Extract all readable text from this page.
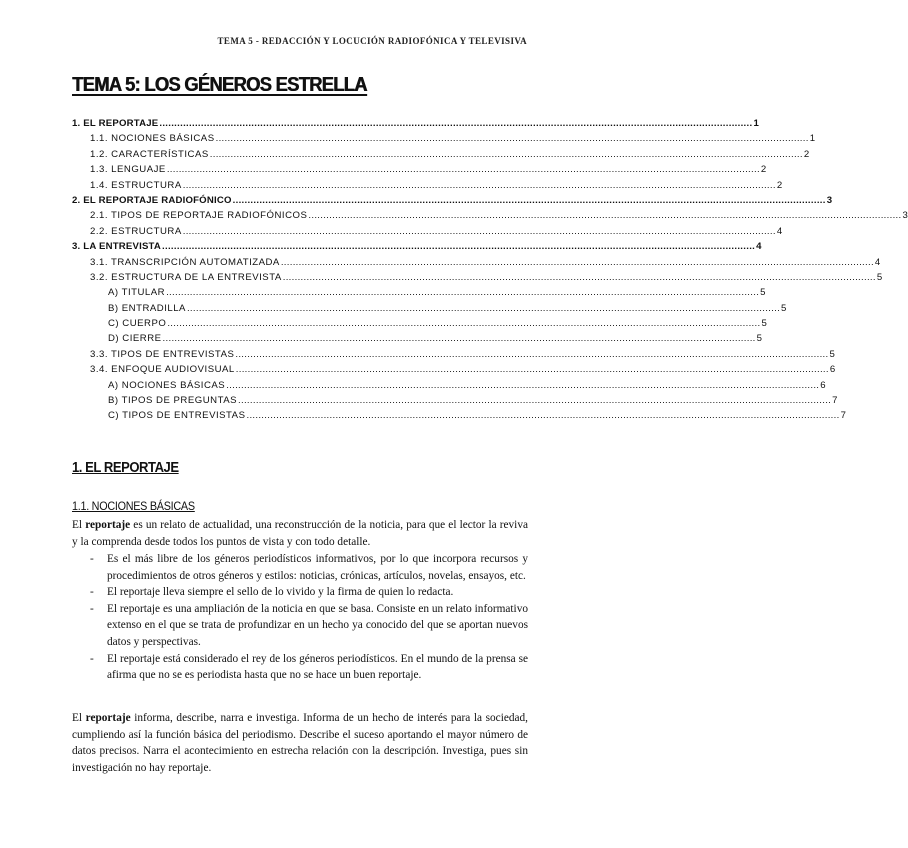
TEMA 5 - REDACCIÓN Y LOCUCIÓN RADIOFÓNICA Y TELEVISIVA
TEMA 5: LOS GÉNEROS ESTRELLA
1. EL REPORTAJE ........................................................................................................................................................................................................ 1
1.1. NOCIONES BÁSICAS ........................................................................................................................................................................................................ 1
1.2. CARACTERÍSTICAS ........................................................................................................................................................................................................ 2
1.3. LENGUAJE ........................................................................................................................................................................................................ 2
1.4. ESTRUCTURA ........................................................................................................................................................................................................ 2
2. EL REPORTAJE RADIOFÓNICO ........................................................................................................................................................................................................ 3
2.1. TIPOS DE REPORTAJE RADIOFÓNICOS ........................................................................................................................................................................................................ 3
2.2. ESTRUCTURA ........................................................................................................................................................................................................ 4
3. LA ENTREVISTA ........................................................................................................................................................................................................ 4
3.1. TRANSCRIPCIÓN AUTOMATIZADA ........................................................................................................................................................................................................ 4
3.2. ESTRUCTURA DE LA ENTREVISTA ........................................................................................................................................................................................................ 5
A) TITULAR ........................................................................................................................................................................................................ 5
B) ENTRADILLA ........................................................................................................................................................................................................ 5
C) CUERPO ........................................................................................................................................................................................................ 5
D) CIERRE ........................................................................................................................................................................................................ 5
3.3. TIPOS DE ENTREVISTAS ........................................................................................................................................................................................................ 5
3.4. ENFOQUE AUDIOVISUAL ........................................................................................................................................................................................................ 6
A) NOCIONES BÁSICAS ........................................................................................................................................................................................................ 6
B) TIPOS DE PREGUNTAS ........................................................................................................................................................................................................ 7
C) TIPOS DE ENTREVISTAS ........................................................................................................................................................................................................ 7
1. EL REPORTAJE
1.1. NOCIONES BÁSICAS

El reportaje es un relato de actualidad, una reconstrucción de la noticia, para que el lector la reviva y la comprenda desde todos los puntos de vista y con todo detalle.

- Es el más libre de los géneros periodísticos informativos, por lo que incorpora recursos y procedimientos de otros géneros y estilos: noticias, crónicas, artículos, novelas, ensayos, etc.
- El reportaje lleva siempre el sello de lo vivido y la firma de quien lo redacta.
- El reportaje es una ampliación de la noticia en que se basa. Consiste en un relato informativo extenso en el que se trata de profundizar en un hecho ya conocido del que se aportan nuevos datos y perspectivas.
- El reportaje está considerado el rey de los géneros periodísticos. En el mundo de la prensa se afirma que no se es periodista hasta que no se hace un buen reportaje.

El reportaje informa, describe, narra e investiga. Informa de un hecho de interés para la sociedad, cumpliendo así la función básica del periodismo. Describe el suceso aportando el mayor número de datos precisos. Narra el acontecimiento en estrecha relación con la descripción. Investiga, pues sin investigación no hay reportaje.
